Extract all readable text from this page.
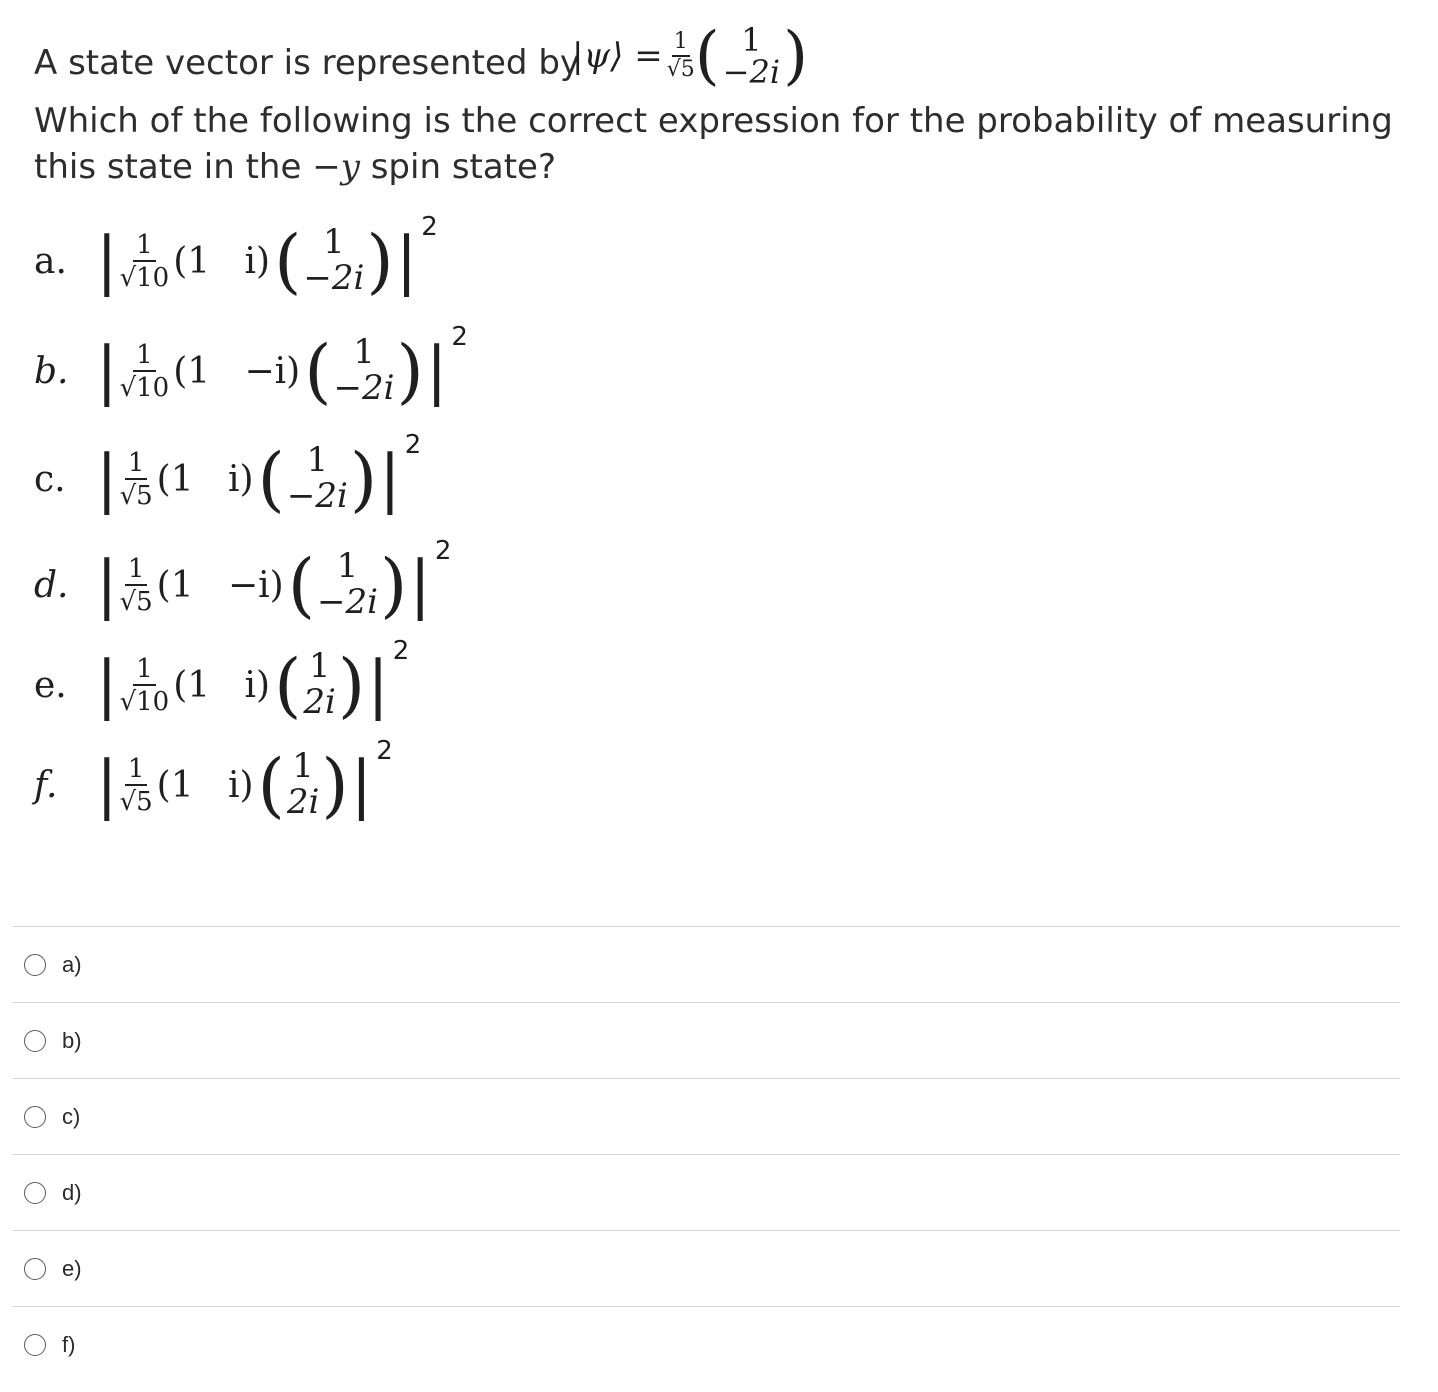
A state vector is represented by
Which of the following is the correct expression for the probability of measuring
this state in the −y spin state?
|𝜓⟩ = $\frac{1}{√5}$ ( 1
−2i )
a. | $\frac{1}{√10} (1$   i) ( 1
−2i ) | 2
b. | $\frac{1}{√10} (1 -i)$ ( 1
−2i ) | 2
c. | $\frac{1}{√5} (1$   i) ( 1
−2i ) | 2
d. | $\frac{1}{√5} (1 -i)$ ( 1
−2i ) | 2
e. | $\frac{1}{√10} (1$   i) ( 1
2i ) | 2
f. | $\frac{1}{√5} (1$   i) ( 1
2i ) | 2
a)
b)
c)
d)
e)
f)
